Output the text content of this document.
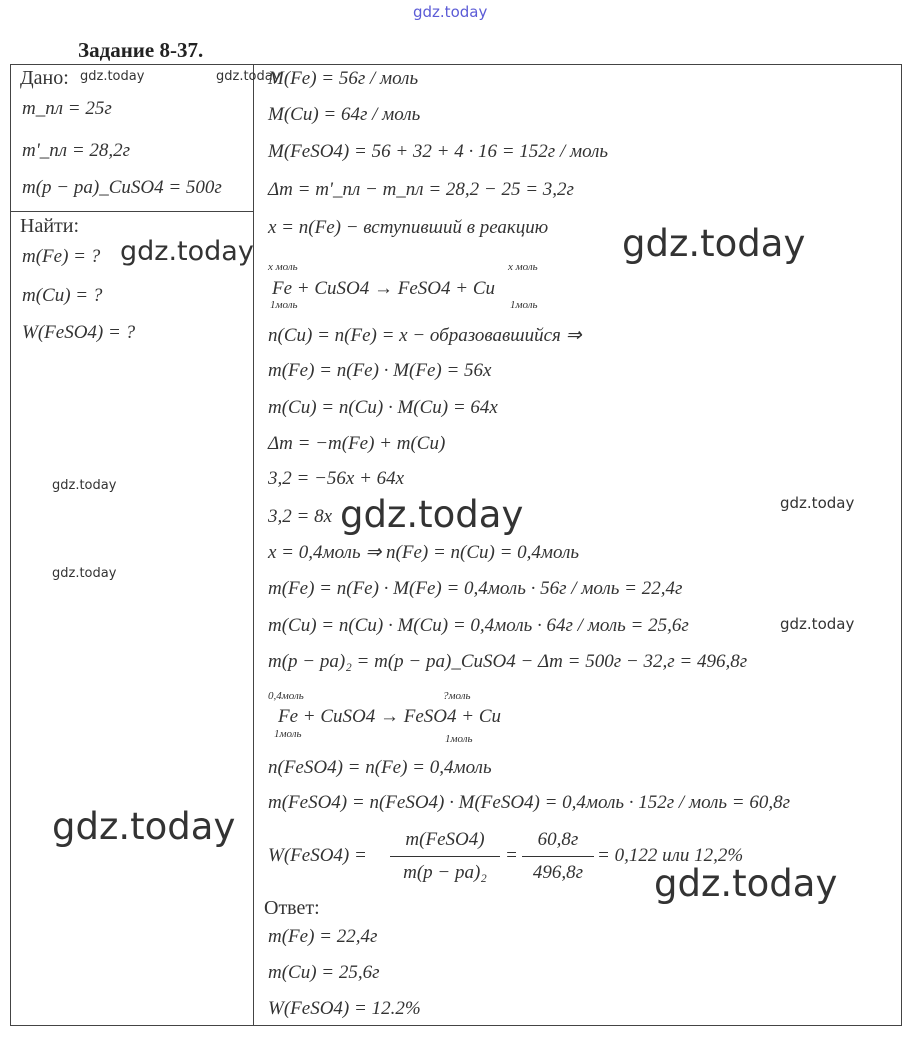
gdz.today
Задание 8-37.
Дано: gdz.today	gdz.today
m_пл = 25г
m'_пл = 28,2г
m(p − pa)_CuSO4 = 500г
Найти:
m(Fe) = ? gdz.today
m(Cu) = ?
W(FeSO4) = ?
gdz.today
gdz.today
gdz.today
M(Fe) = 56г / моль
M(Cu) = 64г / моль
M(FeSO4) = 56 + 32 + 4 · 16 = 152г / моль
Δm = m'_пл − m_пл = 28,2 − 25 = 3,2г
x = n(Fe) − вступивший в реакцию gdz.today
x моль	x моль
Fe + CuSO4 → FeSO4 + Cu
1моль	1моль
n(Cu) = n(Fe) = x − образовавшийся ⇒
m(Fe) = n(Fe) · M(Fe) = 56x
m(Cu) = n(Cu) · M(Cu) = 64x
Δm = −m(Fe) + m(Cu)
3,2 = −56x + 64x
gdz.today
3,2 = 8x gdz.today
x = 0,4моль ⇒ n(Fe) = n(Cu) = 0,4моль
m(Fe) = n(Fe) · M(Fe) = 0,4моль · 56г / моль = 22,4г
m(Cu) = n(Cu) · M(Cu) = 0,4моль · 64г / моль = 25,6г	gdz.today
m(p − pa)₂ = m(p − pa)_CuSO4 − Δm = 500г − 32,г = 496,8г
0,4моль	?моль
Fe + CuSO4 → FeSO4 + Cu
1моль	1моль
n(FeSO4) = n(Fe) = 0,4моль
m(FeSO4) = n(FeSO4) · M(FeSO4) = 0,4моль · 152г / моль = 60,8г
W(FeSO4) =
m(FeSO4)
m(p − pa)₂
=
60,8г
496,8г
= 0,122 или 12,2%
gdz.today
Ответ:
m(Fe) = 22,4г
m(Cu) = 25,6г
W(FeSO4) = 12.2%
